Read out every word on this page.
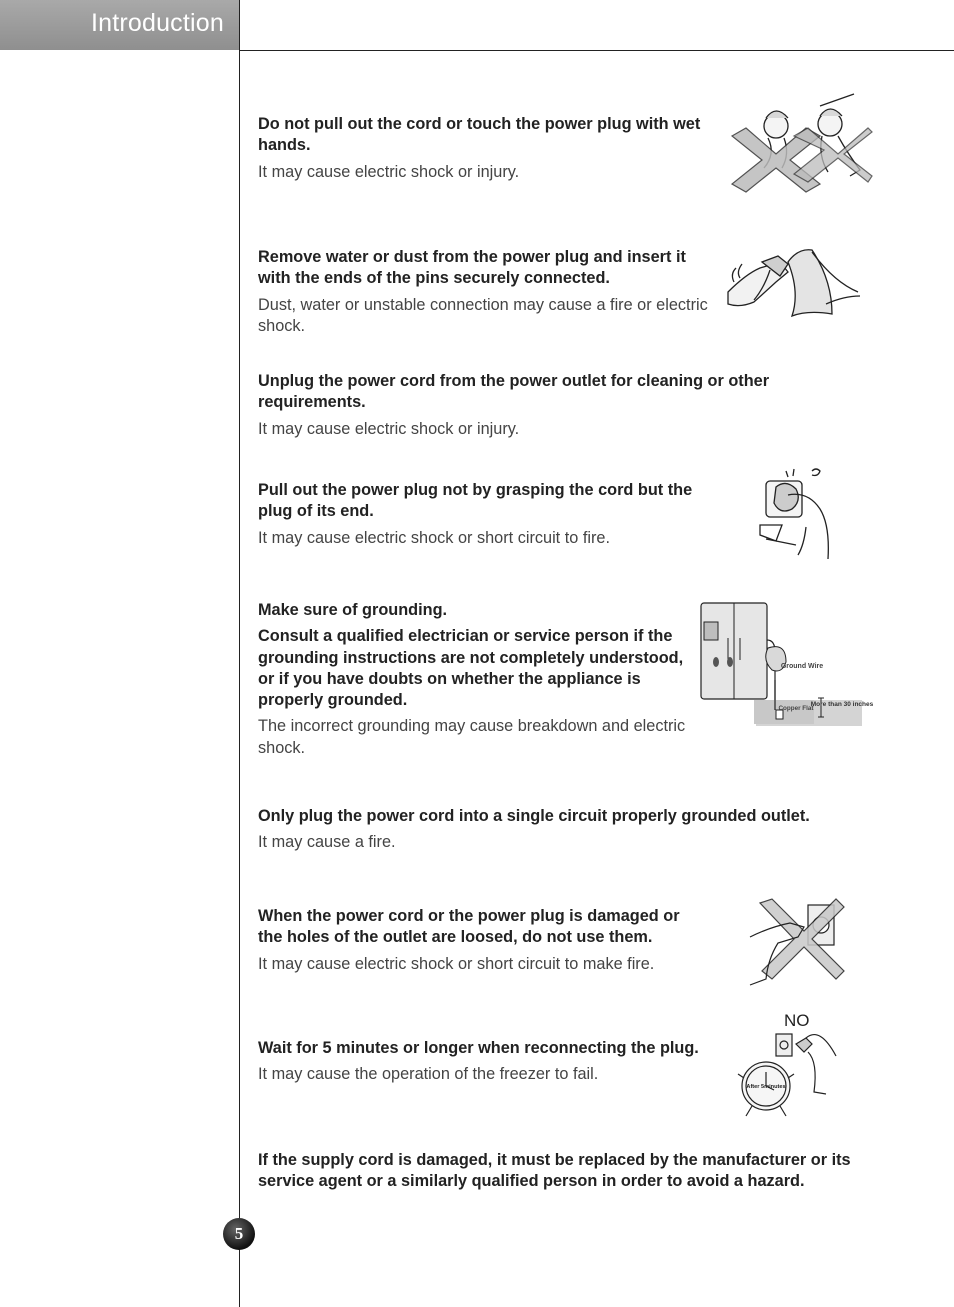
Introduction

Do not pull out the cord or touch the power plug with wet hands.

It may cause electric shock or injury.

Remove water or dust from the power plug and insert it with the ends of the pins securely connected.

Dust, water or unstable connection may cause a fire or electric shock.

Unplug the power cord from the power outlet for cleaning or other requirements.

It may cause electric shock or injury.

Pull out the power plug not by grasping the cord but the plug of its end.

It may cause electric shock or short circuit to fire.

Make sure of grounding.

Consult a qualified electrician or service person if the grounding instructions are not completely understood, or if you have doubts on whether the appliance is properly grounded.

The incorrect grounding may cause breakdown and electric shock.

Ground Wire
Copper Flat
More than 30 inches

Only plug the power cord into a single circuit properly grounded outlet.

It may cause a fire.

When the power cord or the power plug is damaged or the holes of the outlet are loosed, do not use them.

It may cause electric shock or short circuit to make fire.

Wait for 5 minutes or longer when reconnecting the plug.

It may cause the operation of the freezer to fail.

NO
After 5minutes

If the supply cord is damaged, it must be replaced by the manufacturer or its service agent or a similarly qualified person in order to avoid a hazard.

5
